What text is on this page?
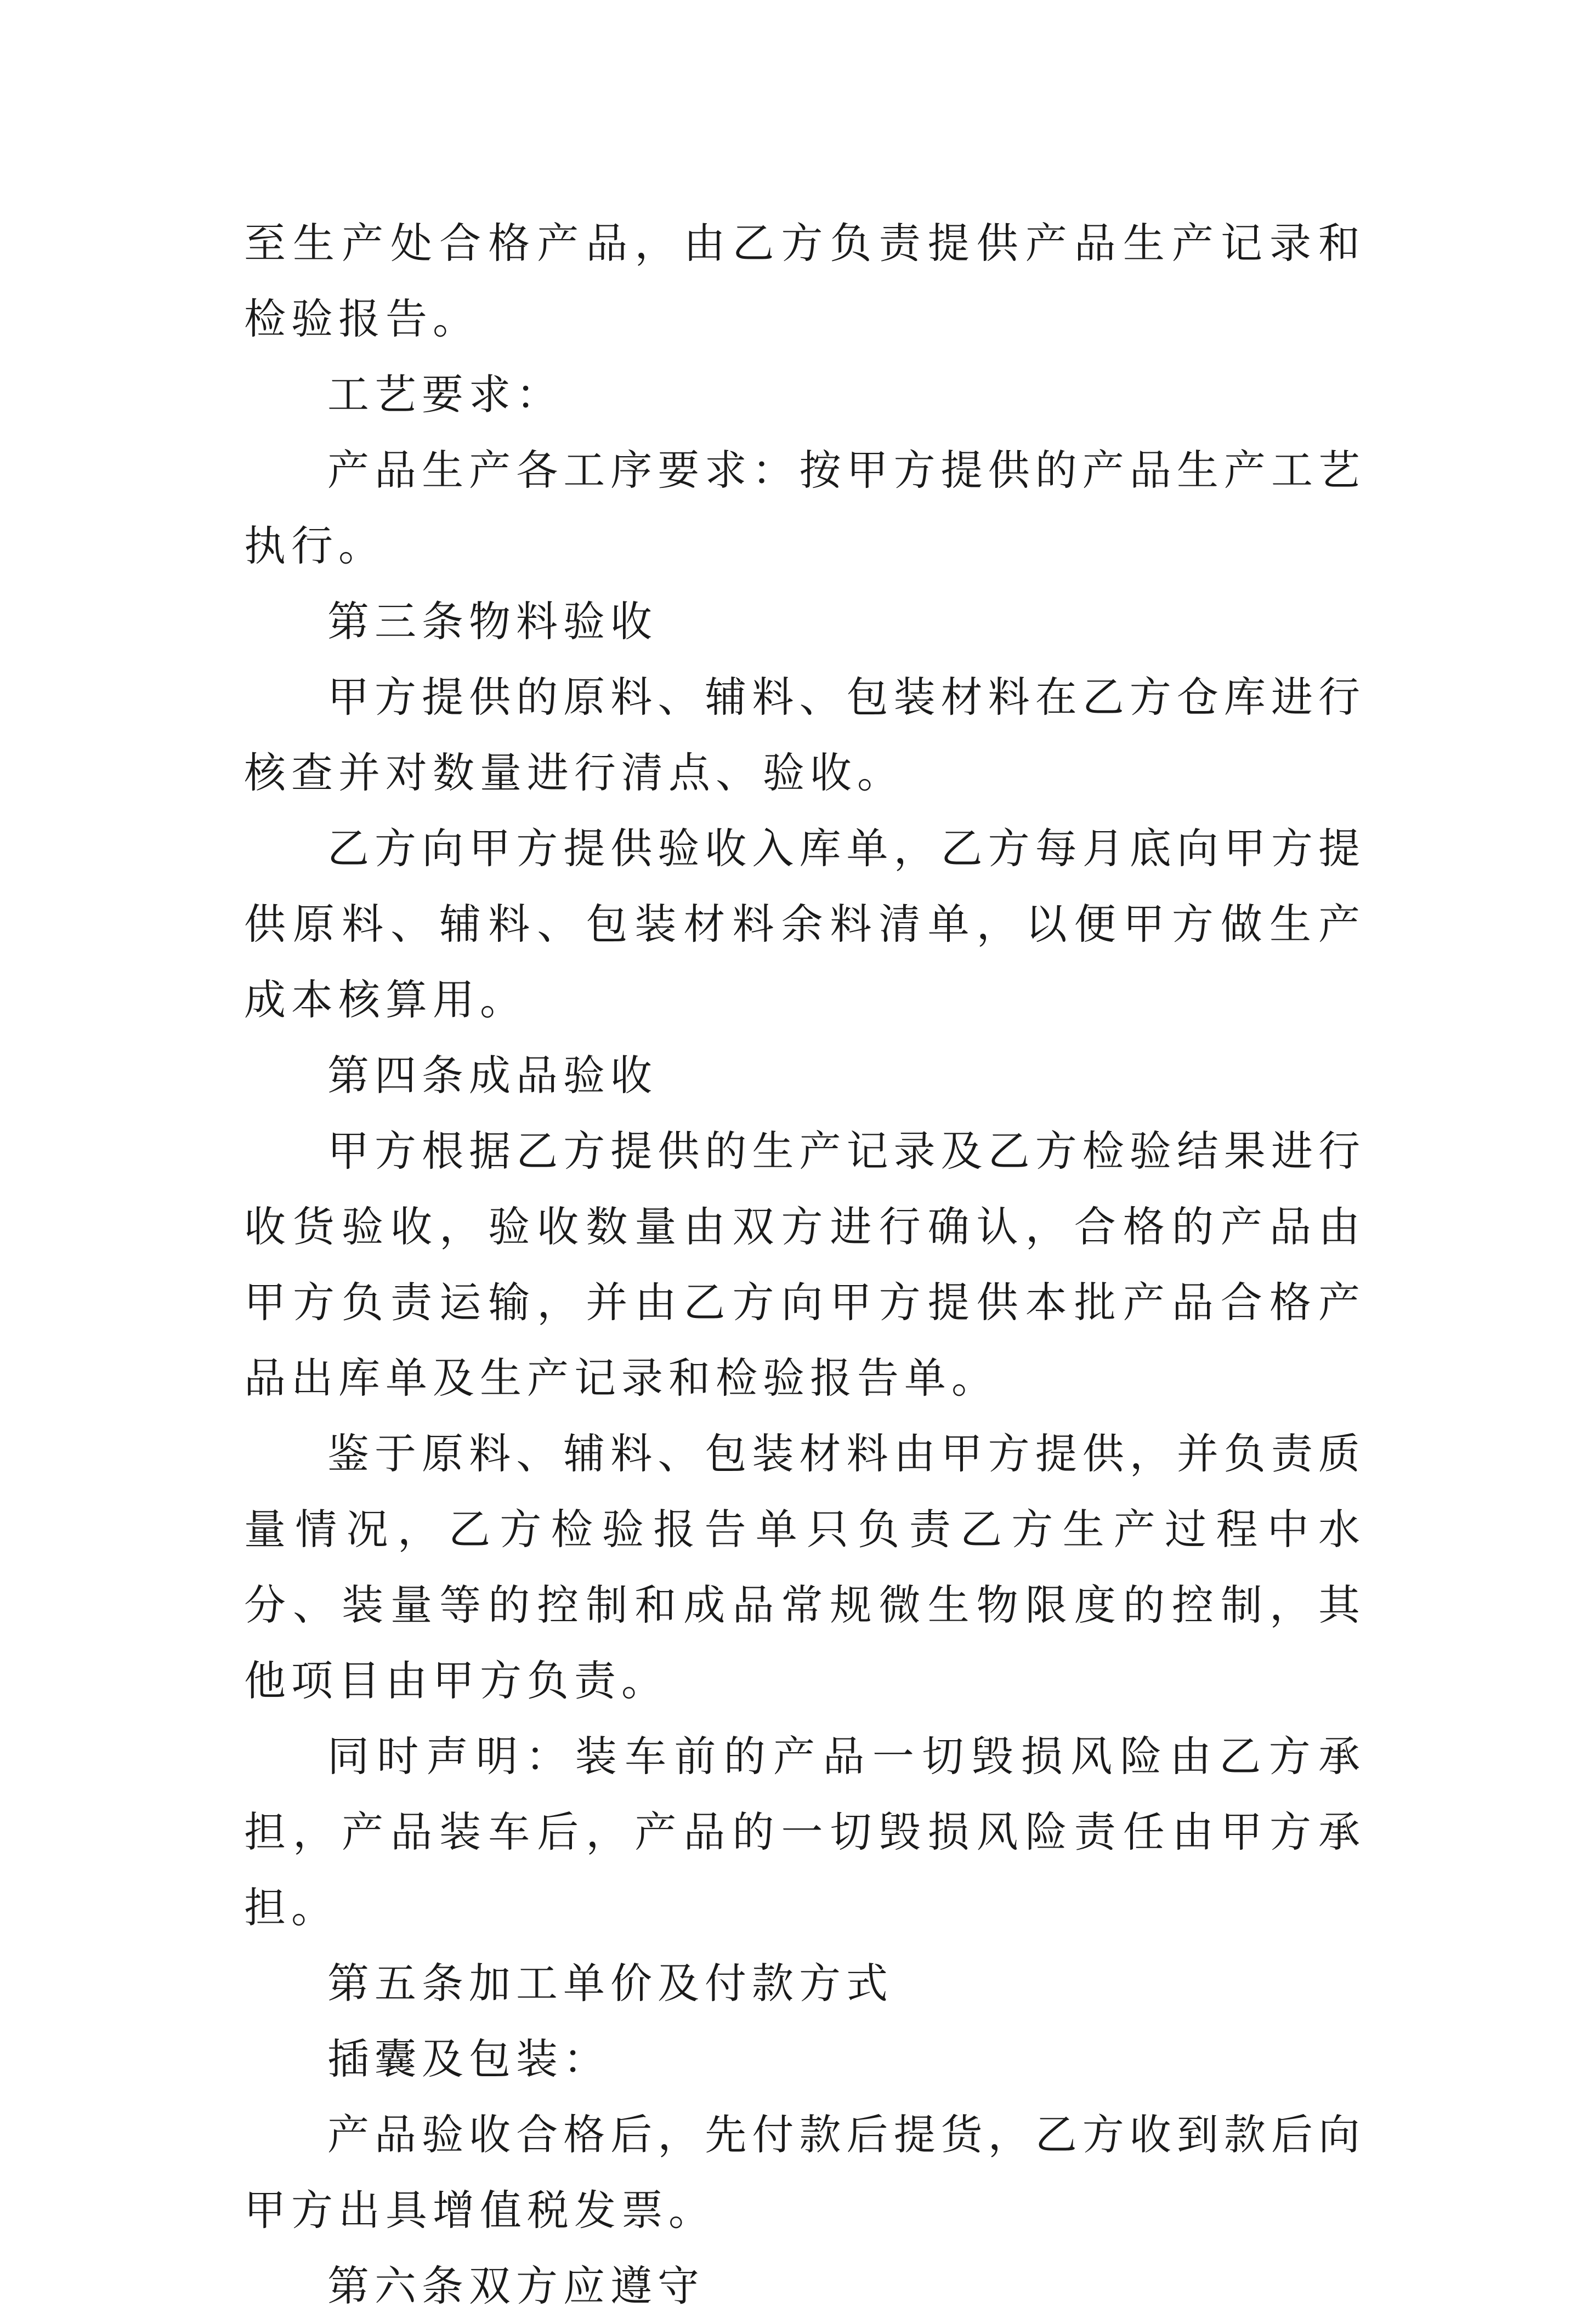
至生产处合格产品，由乙方负责提供产品生产记录和检验报告。

工艺要求：

产品生产各工序要求：按甲方提供的产品生产工艺执行。

第三条物料验收

甲方提供的原料、辅料、包装材料在乙方仓库进行核查并对数量进行清点、验收。

乙方向甲方提供验收入库单，乙方每月底向甲方提供原料、辅料、包装材料余料清单，以便甲方做生产成本核算用。

第四条成品验收

甲方根据乙方提供的生产记录及乙方检验结果进行收货验收，验收数量由双方进行确认，合格的产品由甲方负责运输，并由乙方向甲方提供本批产品合格产品出库单及生产记录和检验报告单。

鉴于原料、辅料、包装材料由甲方提供，并负责质量情况，乙方检验报告单只负责乙方生产过程中水分、装量等的控制和成品常规微生物限度的控制，其他项目由甲方负责。

同时声明：装车前的产品一切毁损风险由乙方承担，产品装车后，产品的一切毁损风险责任由甲方承担。

第五条加工单价及付款方式

插囊及包装：

产品验收合格后，先付款后提货，乙方收到款后向甲方出具增值税发票。

第六条双方应遵守
